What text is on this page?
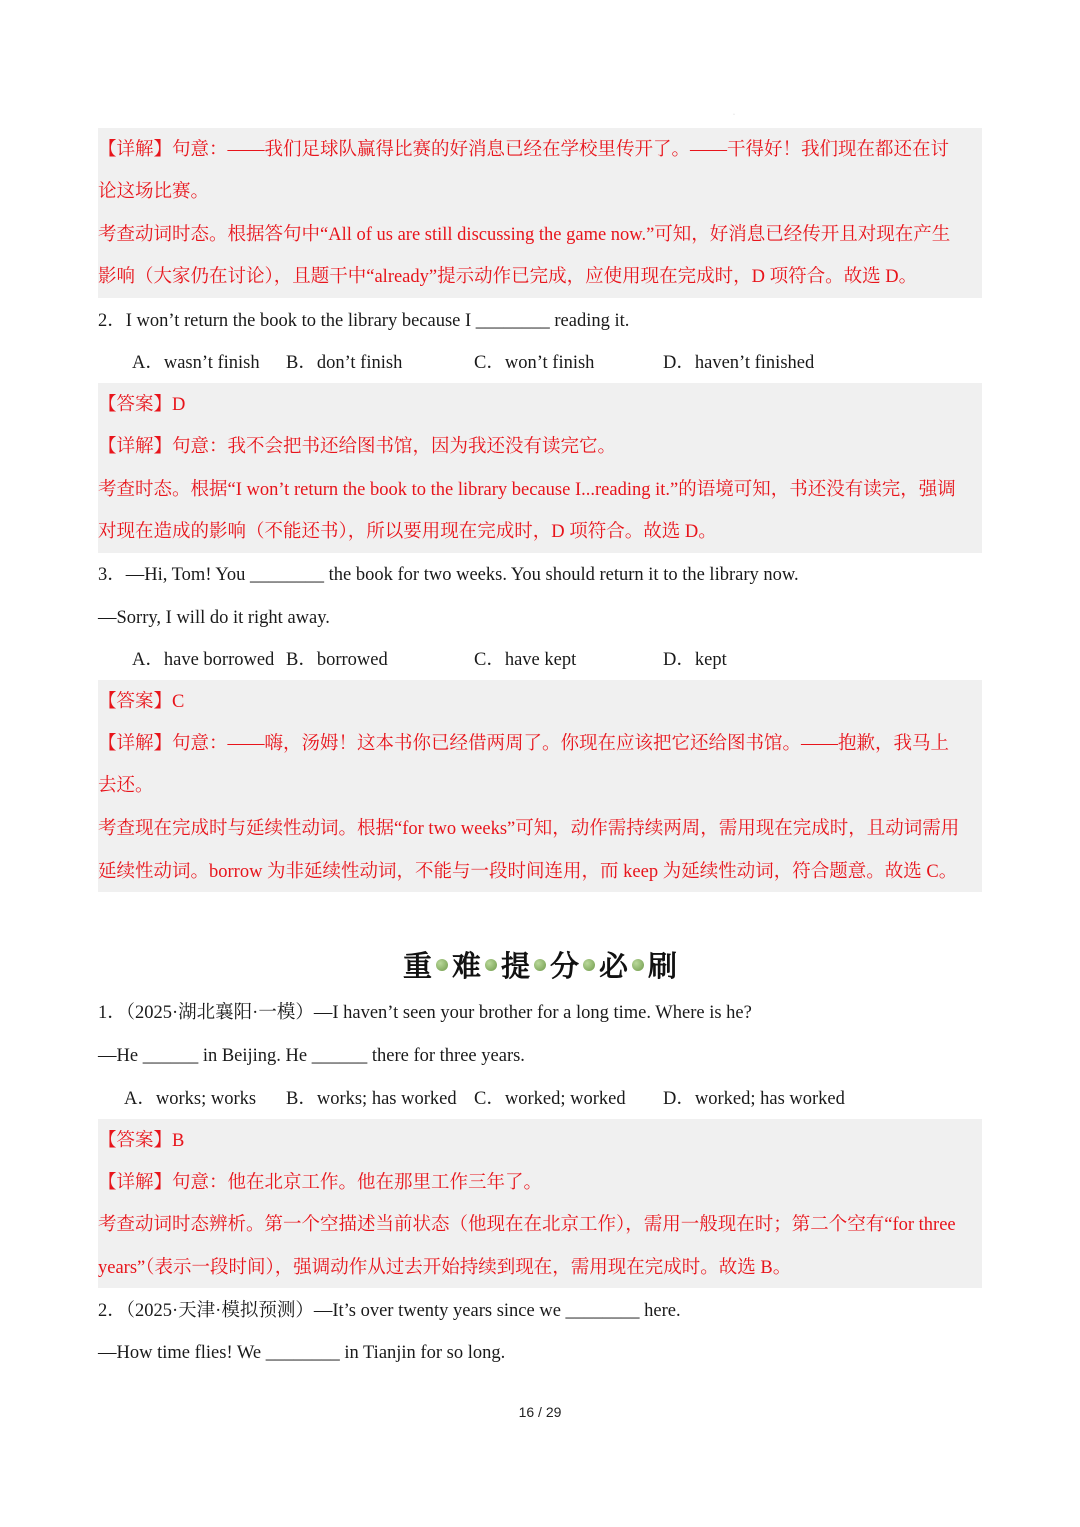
·
【详解】句意：——我们足球队赢得比赛的好消息已经在学校里传开了。——干得好！我们现在都还在讨
论这场比赛。
考查动词时态。根据答句中“All of us are still discussing the game now.”可知，好消息已经传开且对现在产生
影响（大家仍在讨论），且题干中“already”提示动作已完成，应使用现在完成时，D 项符合。故选 D。
2．I won’t return the book to the library because I ________ reading it.
A．wasn’t finish B．don’t finish	C．won’t finish	D．haven’t finished
【答案】D
【详解】句意：我不会把书还给图书馆，因为我还没有读完它。
考查时态。根据“I won’t return the book to the library because I...reading it.”的语境可知，书还没有读完，强调
对现在造成的影响（不能还书），所以要用现在完成时，D 项符合。故选 D。
3．—Hi, Tom! You ________ the book for two weeks. You should return it to the library now.
—Sorry, I will do it right away.
A．have borrowed B．borrowed	C．have kept	D．kept
【答案】C
【详解】句意：——嗨，汤姆！这本书你已经借两周了。你现在应该把它还给图书馆。——抱歉，我马上
去还。
考查现在完成时与延续性动词。根据“for two weeks”可知，动作需持续两周，需用现在完成时，且动词需用
延续性动词。borrow 为非延续性动词，不能与一段时间连用，而 keep 为延续性动词，符合题意。故选 C。
重 难 提 分 必 刷
1．（2025·湖北襄阳·一模）—I haven’t seen your brother for a long time. Where is he?
—He ______ in Beijing. He ______ there for three years.
A．works; works B．works; has worked C．worked; worked D．worked; has worked
【答案】B
【详解】句意：他在北京工作。他在那里工作三年了。
考查动词时态辨析。第一个空描述当前状态（他现在在北京工作），需用一般现在时；第二个空有“for three
years”（表示一段时间），强调动作从过去开始持续到现在，需用现在完成时。故选 B。
2．（2025·天津·模拟预测）—It’s over twenty years since we ________ here.
—How time flies! We ________ in Tianjin for so long.
16 / 29
